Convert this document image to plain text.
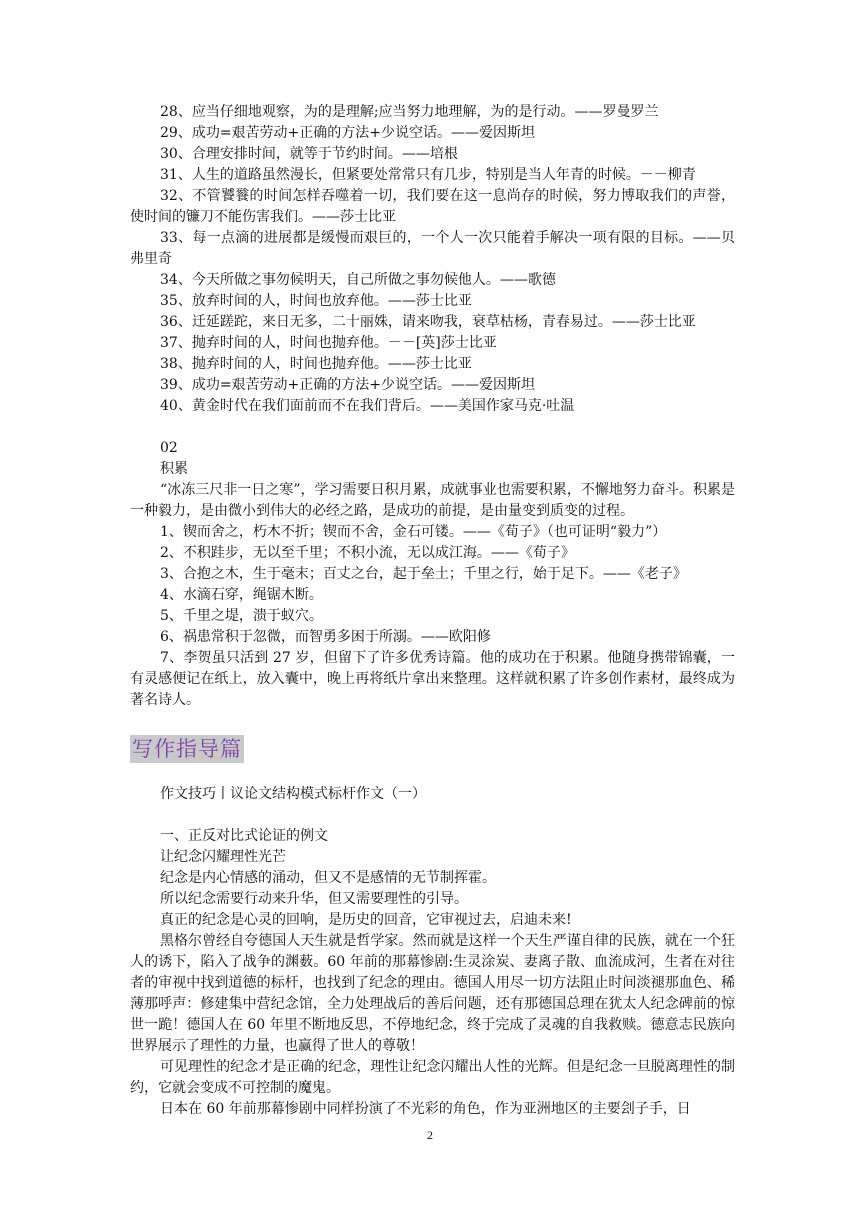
28、应当仔细地观察，为的是理解;应当努力地理解，为的是行动。——罗曼罗兰

29、成功=艰苦劳动+正确的方法+少说空话。——爱因斯坦

30、合理安排时间，就等于节约时间。——培根

31、人生的道路虽然漫长，但紧要处常常只有几步，特别是当人年青的时候。－－柳青

32、不管饕餮的时间怎样吞噬着一切，我们要在这一息尚存的时候，努力博取我们的声誉，使时间的镰刀不能伤害我们。——莎士比亚

33、每一点滴的进展都是缓慢而艰巨的，一个人一次只能着手解决一项有限的目标。——贝弗里奇

34、今天所做之事勿候明天，自己所做之事勿候他人。——歌德

35、放弃时间的人，时间也放弃他。——莎士比亚

36、迁延蹉跎，来日无多，二十丽姝，请来吻我，衰草枯杨，青春易过。——莎士比亚

37、抛弃时间的人，时间也抛弃他。－－[英]莎士比亚

38、抛弃时间的人，时间也抛弃他。——莎士比亚

39、成功=艰苦劳动+正确的方法+少说空话。——爱因斯坦

40、黄金时代在我们面前而不在我们背后。——美国作家马克·吐温

02

积累

“冰冻三尺非一日之寒”，学习需要日积月累，成就事业也需要积累，不懈地努力奋斗。积累是一种毅力，是由微小到伟大的必经之路，是成功的前提，是由量变到质变的过程。

1、锲而舍之，朽木不折；锲而不舍，金石可镂。——《荀子》（也可证明“毅力”）

2、不积跬步，无以至千里；不积小流，无以成江海。——《荀子》

3、合抱之木，生于毫末；百丈之台，起于垒土；千里之行，始于足下。——《老子》

4、水滴石穿，绳锯木断。

5、千里之堤，溃于蚁穴。

6、祸患常积于忽微，而智勇多困于所溺。——欧阳修

7、李贺虽只活到 27 岁，但留下了许多优秀诗篇。他的成功在于积累。他随身携带锦囊，一有灵感便记在纸上，放入囊中，晚上再将纸片拿出来整理。这样就积累了许多创作素材，最终成为著名诗人。

写作指导篇

作文技巧丨议论文结构模式标杆作文（一）

一、正反对比式论证的例文

让纪念闪耀理性光芒

纪念是内心情感的涌动，但又不是感情的无节制挥霍。

所以纪念需要行动来升华，但又需要理性的引导。

真正的纪念是心灵的回响，是历史的回音，它审视过去，启迪未来!

黑格尔曾经自夸德国人天生就是哲学家。然而就是这样一个天生严谨自律的民族，就在一个狂人的诱下，陷入了战争的渊薮。60 年前的那幕惨剧:生灵涂炭、妻离子散、血流成河，生者在对往者的审视中找到道德的标杆，也找到了纪念的理由。德国人用尽一切方法阻止时间淡褪那血色、稀薄那呼声：修建集中营纪念馆，全力处理战后的善后问题，还有那德国总理在犹太人纪念碑前的惊世一跪！德国人在 60 年里不断地反思，不停地纪念，终于完成了灵魂的自我救赎。德意志民族向世界展示了理性的力量，也赢得了世人的尊敬！

可见理性的纪念才是正确的纪念，理性让纪念闪耀出人性的光辉。但是纪念一旦脱离理性的制约，它就会变成不可控制的魔鬼。

日本在 60 年前那幕惨剧中同样扮演了不光彩的角色，作为亚洲地区的主要刽子手，日

2
